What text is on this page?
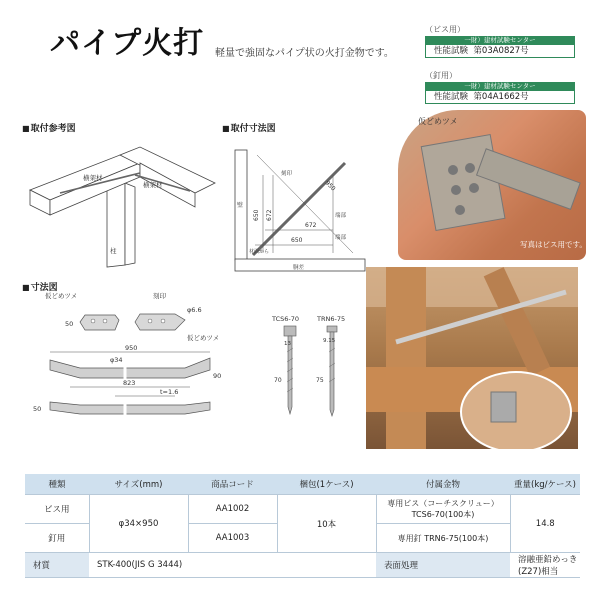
パイプ火打 軽量で強固なパイプ状の火打金物です。
（ビス用）
一財）建材試験センター
性能試験 第03A0827号
（釘用）
一財）建材試験センター
性能試験 第04A1662号
■ 取付参考図	■ 取付寸法図
■ 寸法図
横架材
横架材
柱
壁
刻印
950
650 672
672
650
端部
端部
材面から
胴差
仮どめツメ	刻印
φ6.6
仮どめツメ
50
950
φ34
90
823
t=1.6
50
TCS6-70	TRN6-75
13	9.15
70	75
仮どめツメ
写真はビス用です。
種類	サイズ(mm)	商品コード	梱包(1ケース)	付属金物	重量(kg/ケース)
ビス用	φ34×950	AA1002	10本	専用ビス（コーチスクリュー）TCS6-70(100本)	14.8
釘用		AA1003		専用釘 TRN6-75(100本)	
材質	STK-400(JIS G 3444)			表面処理	溶融亜鉛めっき(Z27)相当
